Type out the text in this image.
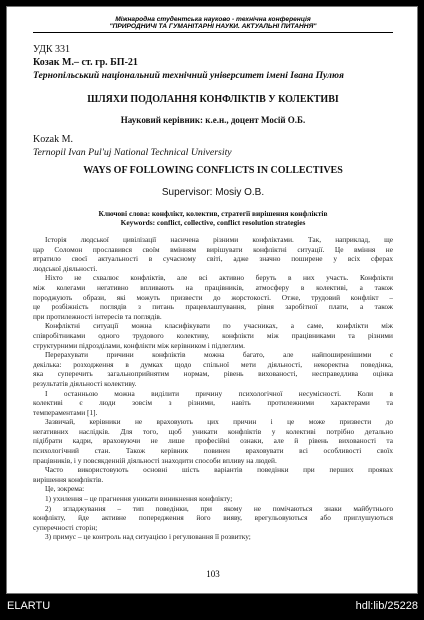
Міжнародна студентська науково - технічна конференція
"ПРИРОДНИЧІ ТА ГУМАНІТАРНІ НАУКИ. АКТУАЛЬНІ ПИТАННЯ"
УДК 331
Козак М.– ст. гр. БП-21
Тернопільський національний технічний університет імені Івана Пулюя
ШЛЯХИ ПОДОЛАННЯ КОНФЛІКТІВ У КОЛЕКТИВІ
Науковий керівник: к.е.н., доцент Мосій О.Б.
Kozak M.
Ternopil Ivan Pul'uj National Technical University
WAYS OF FOLLOWING CONFLICTS IN COLLECTIVES
Supervisor: Mosiy O.B.
Ключові слова: конфлікт, колектив, стратегії вирішення конфліктів
Keywords: conflict, collective, conflict resolution strategies

Історія людської цивілізації насичена різними конфліктами. Так, наприклад, ще

цар Соломон прославився своїм вмінням вирішувати конфліктні ситуації. Це вміння не

втратило своєї актуальності в сучасному світі, адже значно поширене у всіх сферах

людської діяльності.

Ніхто не схвалює конфліктів, але всі активно беруть в них участь. Конфлікти

між колегами негативно впливають на працівників, атмосферу в колективі, а також

породжують образи, які можуть призвести до жорстокості. Отже, трудовий конфлікт –

це розбіжність поглядів з питань працевлаштування, рівня заробітної плати, а також

при протилежності інтересів та поглядів.

Конфліктні ситуації можна класифікувати по учасниках, а саме, конфлікти між

співробітниками одного трудового колективу, конфлікти між працівниками та різними

структурними підрозділами, конфлікти між керівником і підлеглим.

Перерахувати причини конфліктів можна багато, але найпоширенішими є

декілька: розходження в думках щодо спільної мети діяльності, некоректна поведінка,

яка суперечить загальноприйнятим нормам, рівень вихованості, несправедлива оцінка

результатів діяльності колективу.

І останньою можна виділити причину психологічної несумісності. Коли в

колективі є люди зовсім з різними, навіть протилежними характерами та

темпераментами [1].

Зазвичай, керівники не враховують цих причин і це може призвести до

негативних наслідків. Для того, щоб уникати конфліктів у колективі потрібно детально

підібрати кадри, враховуючи не лише професійні ознаки, але й рівень вихованості та

психологічний стан. Також керівник повинен враховувати всі особливості своїх

працівників, і у повсякденній діяльності знаходити способи впливу на людей.

Часто використовують основні шість варіантів поведінки при перших проявах

вирішення конфліктів.

Це, зокрема:

1) ухилення – це прагнення уникати виникнення конфлікту;

2) згладжування – тип поведінки, при якому не помічаються знаки майбутнього

конфлікту, йде активне попередження його вияву, врегульовуються або приглушуються

суперечності сторін;

3) примус – це контроль над ситуацією і регулювання її розвитку;

103
ELARTU	hdl:lib/25228
